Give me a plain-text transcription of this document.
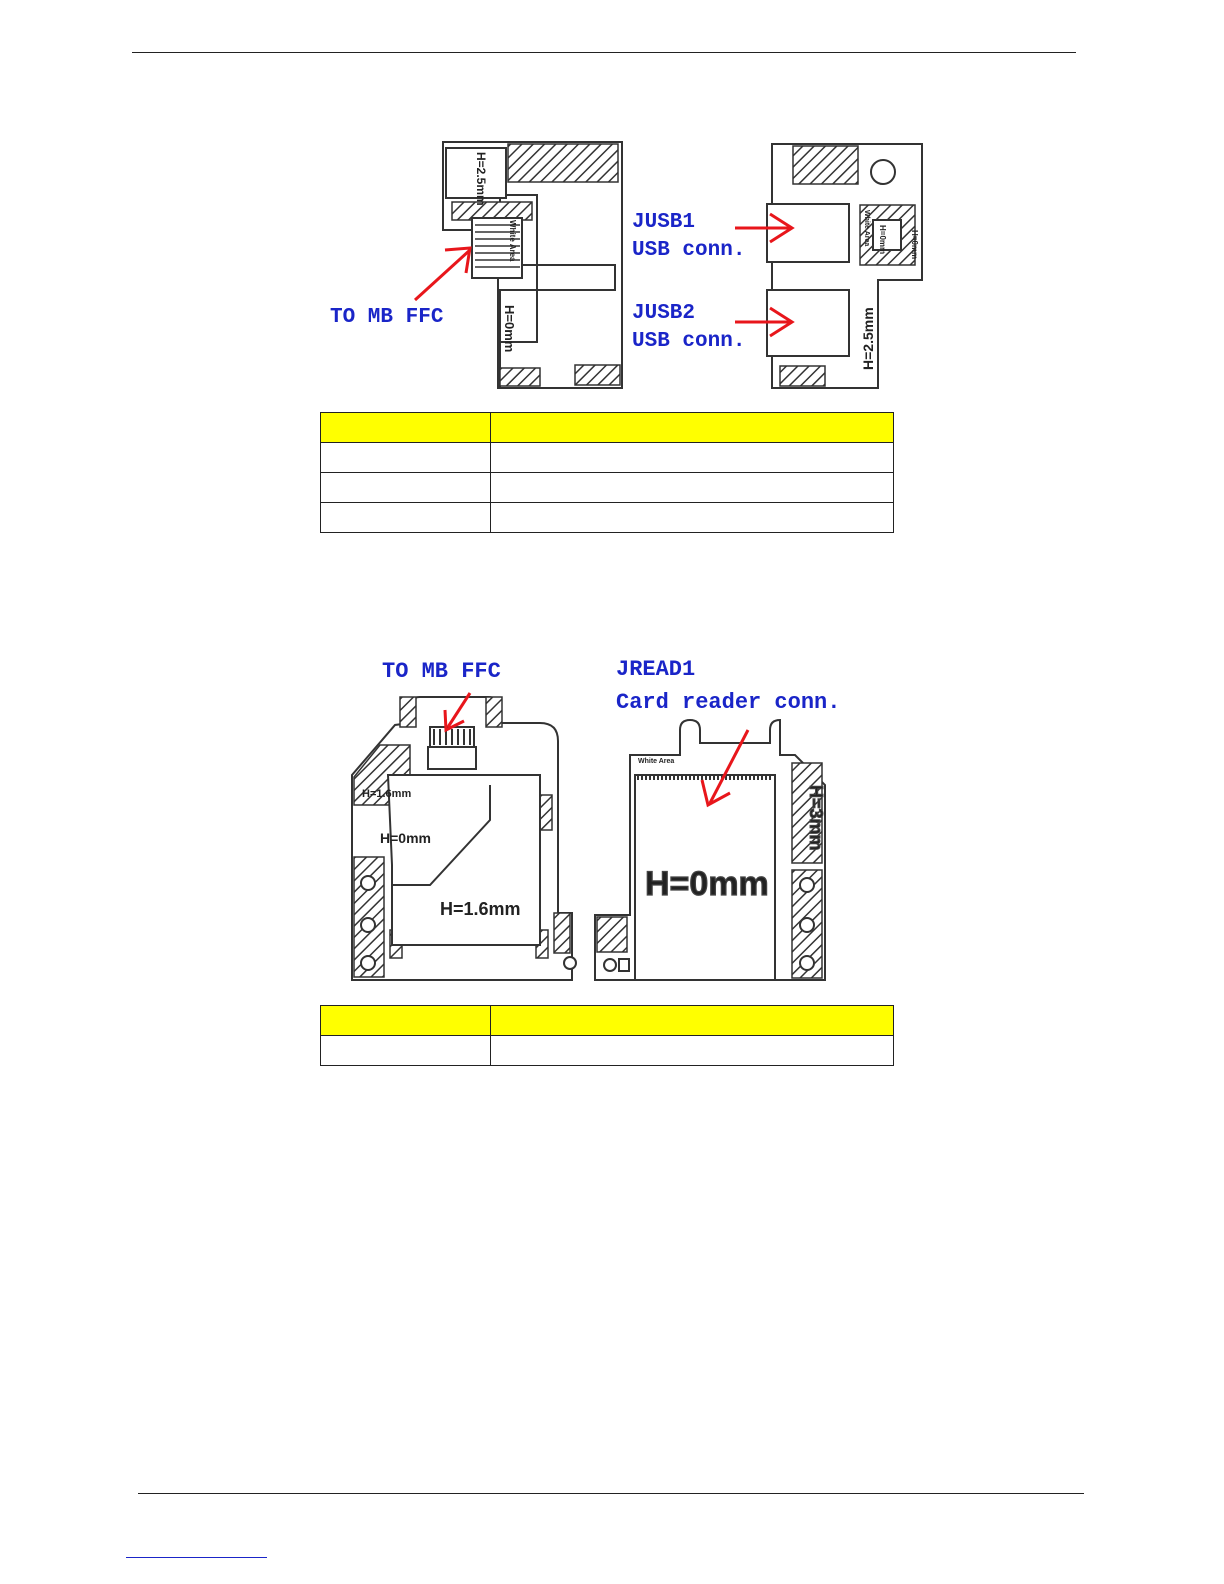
H=2.5mm
H=0mm
White Area
H=2.5mm
H=0mm	H=0mm
White Area
TO MB FFC
JUSB1
USB conn.
JUSB2
USB conn.

H=1.6mm
H=0mm
H=1.6mm
H=0mm
H=3mm
White Area
TO MB FFC	JREAD1
Card reader conn.
